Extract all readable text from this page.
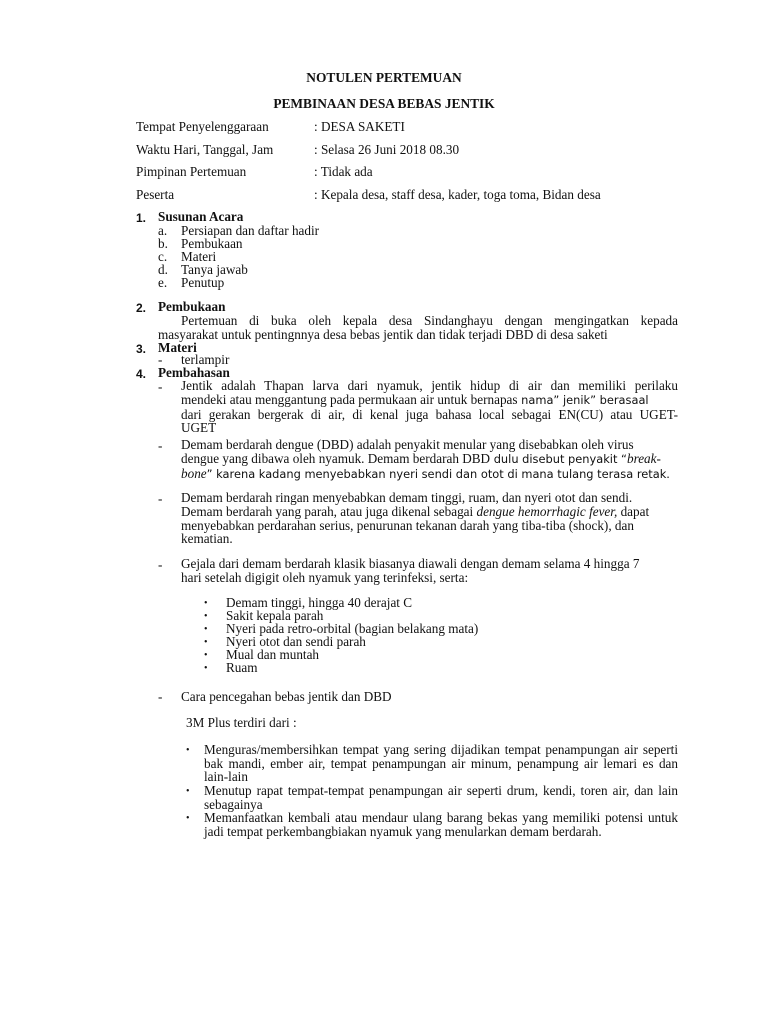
NOTULEN PERTEMUAN
PEMBINAAN DESA BEBAS JENTIK
Tempat Penyelenggaraan	: DESA SAKETI
Waktu Hari, Tanggal, Jam	: Selasa 26 Juni 2018 08.30
Pimpinan Pertemuan	: Tidak ada
Peserta	: Kepala desa, staff desa, kader, toga toma, Bidan desa
1. Susunan Acara
a. Persiapan dan daftar hadir
b. Pembukaan
c. Materi
d. Tanya jawab
e. Penutup
2. Pembukaan
Pertemuan di buka oleh kepala desa Sindanghayu dengan mengingatkan kepada
masyarakat untuk pentingnnya desa bebas jentik dan tidak terjadi DBD di desa saketi
3. Materi
- terlampir
4. Pembahasan
- Jentik adalah Thapan larva dari nyamuk, jentik hidup di air dan memiliki perilaku
mendeki atau menggantung pada permukaan air untuk bernapas nama” jenik” berasaal
dari gerakan bergerak di air, di kenal juga bahasa local sebagai EN(CU) atau UGET-
UGET
- Demam berdarah dengue (DBD) adalah penyakit menular yang disebabkan oleh virus
dengue yang dibawa oleh nyamuk. Demam berdarah DBD dulu disebut penyakit “break-
bone” karena kadang menyebabkan nyeri sendi dan otot di mana tulang terasa retak.
- Demam berdarah ringan menyebabkan demam tinggi, ruam, dan nyeri otot dan sendi.
Demam berdarah yang parah, atau juga dikenal sebagai dengue hemorrhagic fever, dapat
menyebabkan perdarahan serius, penurunan tekanan darah yang tiba-tiba (shock), dan
kematian.
- Gejala dari demam berdarah klasik biasanya diawali dengan demam selama 4 hingga 7
hari setelah digigit oleh nyamuk yang terinfeksi, serta:
• Demam tinggi, hingga 40 derajat C
• Sakit kepala parah
• Nyeri pada retro-orbital (bagian belakang mata)
• Nyeri otot dan sendi parah
• Mual dan muntah
• Ruam
- Cara pencegahan bebas jentik dan DBD
3M Plus terdiri dari :
• Menguras/membersihkan tempat yang sering dijadikan tempat penampungan air seperti bak mandi, ember air, tempat penampungan air minum, penampung air lemari es dan lain-lain
• Menutup rapat tempat-tempat penampungan air seperti drum, kendi, toren air, dan lain sebagainya
• Memanfaatkan kembali atau mendaur ulang barang bekas yang memiliki potensi untuk jadi tempat perkembangbiakan nyamuk yang menularkan demam berdarah.
